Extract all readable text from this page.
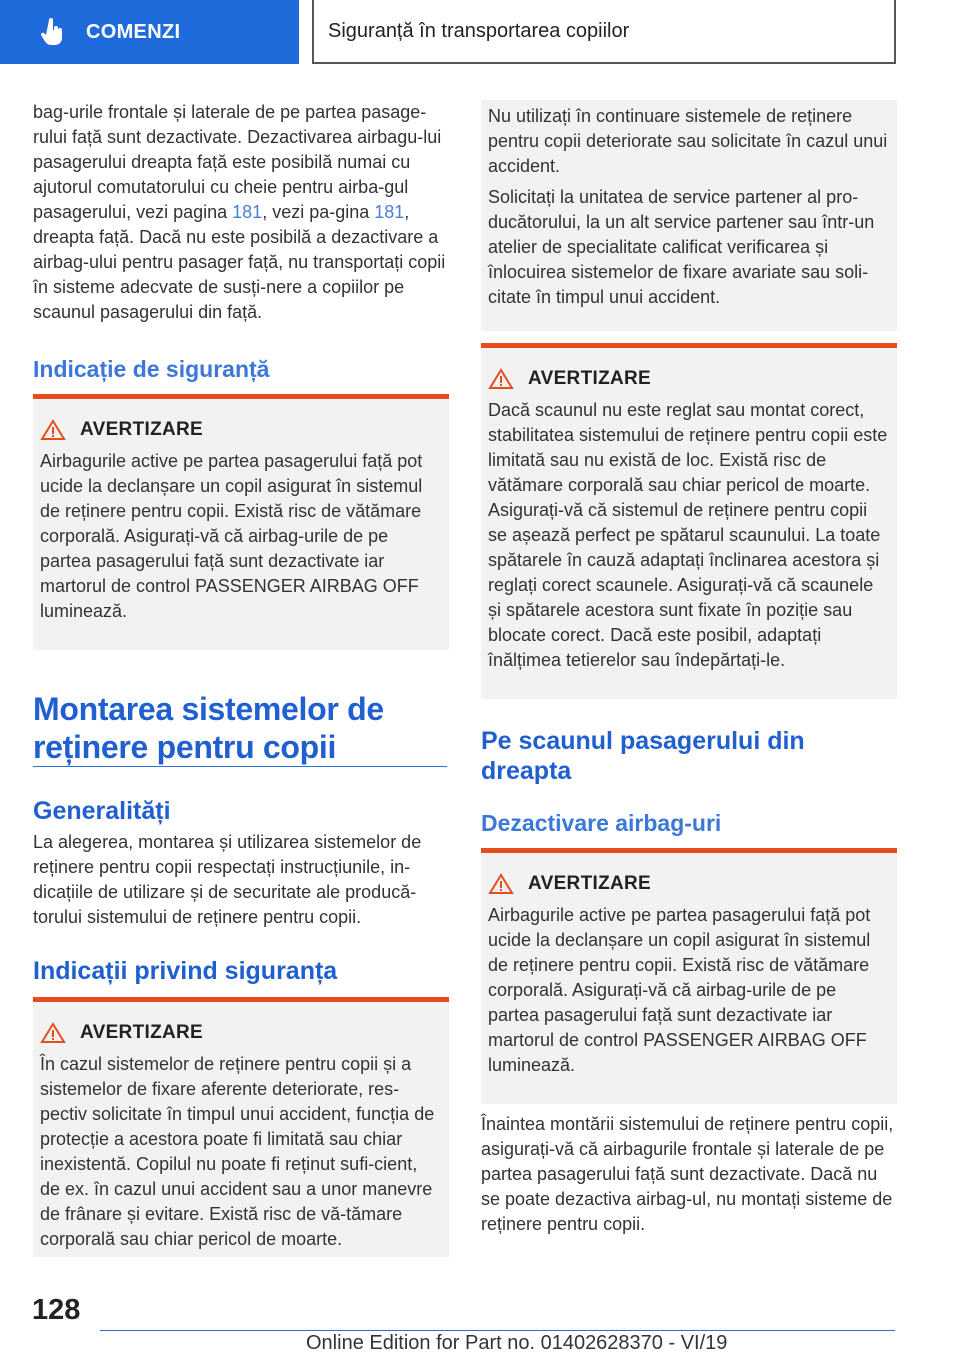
COMENZI	Siguranță în transportarea copiilor

bag-urile frontale și laterale de pe partea pasage-rului față sunt dezactivate. Dezactivarea airbagu-lui pasagerului dreapta față este posibilă numai cu ajutorul comutatorului cu cheie pentru airba-gul pasagerului, vezi pagina 181, vezi pa-gina 181, dreapta față. Dacă nu este posibilă a dezactivare a airbag-ului pentru pasager față, nu transportați copii în sisteme adecvate de susți-nere a copiilor pe scaunul pasagerului din față.

Indicație de siguranță
AVERTIZARE

Airbagurile active pe partea pasagerului față pot ucide la declanșare un copil asigurat în sistemul de reținere pentru copii. Există risc de vătămare corporală. Asigurați-vă că airbag-urile de pe partea pasagerului față sunt dezactivate iar martorul de control PASSENGER AIRBAG OFF luminează.

Montarea sistemelor de reținere pentru copii
Generalități

La alegerea, montarea și utilizarea sistemelor de reținere pentru copii respectați instrucțiunile, in-dicațiile de utilizare și de securitate ale producă-torului sistemului de reținere pentru copii.

Indicații privind siguranța
AVERTIZARE

În cazul sistemelor de reținere pentru copii și a sistemelor de fixare aferente deteriorate, res-pectiv solicitate în timpul unui accident, funcția de protecție a acestora poate fi limitată sau chiar inexistentă. Copilul nu poate fi reținut sufi-cient, de ex. în cazul unui accident sau a unor manevre de frânare și evitare. Există risc de vă-tămare corporală sau chiar pericol de moarte.

Nu utilizați în continuare sistemele de reținere pentru copii deteriorate sau solicitate în cazul unui accident.

Solicitați la unitatea de service partener al pro-ducătorului, la un alt service partener sau într-un atelier de specialitate calificat verificarea și înlocuirea sistemelor de fixare avariate sau soli-citate în timpul unui accident.

AVERTIZARE

Dacă scaunul nu este reglat sau montat corect, stabilitatea sistemului de reținere pentru copii este limitată sau nu există de loc. Există risc de vătămare corporală sau chiar pericol de moarte. Asigurați-vă că sistemul de reținere pentru copii se așează perfect pe spătarul scaunului. La toate spătarele în cauză adaptați înclinarea acestora și reglați corect scaunele. Asigurați-vă că scaunele și spătarele acestora sunt fixate în poziție sau blocate corect. Dacă este posibil, adaptați înălțimea tetierelor sau îndepărtați-le.

Pe scaunul pasagerului din dreapta
Dezactivare airbag-uri
AVERTIZARE

Airbagurile active pe partea pasagerului față pot ucide la declanșare un copil asigurat în sistemul de reținere pentru copii. Există risc de vătămare corporală. Asigurați-vă că airbag-urile de pe partea pasagerului față sunt dezactivate iar martorul de control PASSENGER AIRBAG OFF luminează.

Înaintea montării sistemului de reținere pentru copii, asigurați-vă că airbagurile frontale și laterale de pe partea pasagerului față sunt dezactivate. Dacă nu se poate dezactiva airbag-ul, nu montați sisteme de reținere pentru copii.

128
Online Edition for Part no. 01402628370 - VI/19
